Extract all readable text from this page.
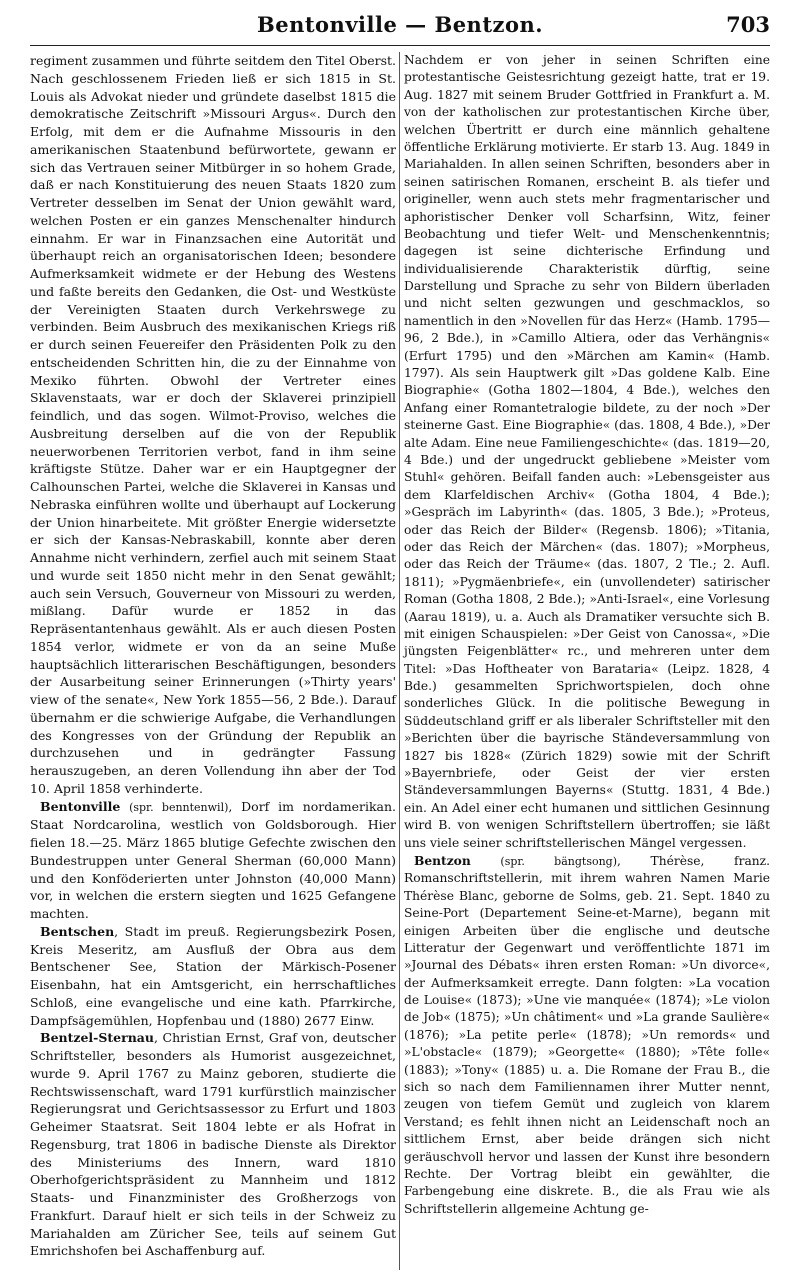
Bentonville — Bentzon.	703

regiment zusammen und führte seitdem den Titel Oberst. Nach geschlossenem Frieden ließ er sich 1815 in St. Louis als Advokat nieder und gründete daselbst 1815 die demokratische Zeitschrift »Missouri Argus«. Durch den Erfolg, mit dem er die Aufnahme Missouris in den amerikanischen Staatenbund befürwortete, gewann er sich das Vertrauen seiner Mitbürger in so hohem Grade, daß er nach Konstituierung des neuen Staats 1820 zum Vertreter desselben im Senat der Union gewählt ward, welchen Posten er ein ganzes Menschenalter hindurch einnahm. Er war in Finanzsachen eine Autorität und überhaupt reich an organisatorischen Ideen; besondere Aufmerksamkeit widmete er der Hebung des Westens und faßte bereits den Gedanken, die Ost- und Westküste der Vereinigten Staaten durch Verkehrswege zu verbinden. Beim Ausbruch des mexikanischen Kriegs riß er durch seinen Feuereifer den Präsidenten Polk zu den entscheidenden Schritten hin, die zu der Einnahme von Mexiko führten. Obwohl der Vertreter eines Sklavenstaats, war er doch der Sklaverei prinzipiell feindlich, und das sogen. Wilmot-Proviso, welches die Ausbreitung derselben auf die von der Republik neuerworbenen Territorien verbot, fand in ihm seine kräftigste Stütze. Daher war er ein Hauptgegner der Calhounschen Partei, welche die Sklaverei in Kansas und Nebraska einführen wollte und überhaupt auf Lockerung der Union hinarbeitete. Mit größter Energie widersetzte er sich der Kansas-Nebraskabill, konnte aber deren Annahme nicht verhindern, zerfiel auch mit seinem Staat und wurde seit 1850 nicht mehr in den Senat gewählt; auch sein Versuch, Gouverneur von Missouri zu werden, mißlang. Dafür wurde er 1852 in das Repräsentantenhaus gewählt. Als er auch diesen Posten 1854 verlor, widmete er von da an seine Muße hauptsächlich litterarischen Beschäftigungen, besonders der Ausarbeitung seiner Erinnerungen (»Thirty years' view of the senate«, New York 1855—56, 2 Bde.). Darauf übernahm er die schwierige Aufgabe, die Verhandlungen des Kongresses von der Gründung der Republik an durchzusehen und in gedrängter Fassung herauszugeben, an deren Vollendung ihn aber der Tod 10. April 1858 verhinderte.

Bentonville (spr. benntenwil), Dorf im nordamerikan. Staat Nordcarolina, westlich von Goldsborough. Hier fielen 18.—25. März 1865 blutige Gefechte zwischen den Bundestruppen unter General Sherman (60,000 Mann) und den Konföderierten unter Johnston (40,000 Mann) vor, in welchen die erstern siegten und 1625 Gefangene machten.

Bentschen, Stadt im preuß. Regierungsbezirk Posen, Kreis Meseritz, am Ausfluß der Obra aus dem Bentschener See, Station der Märkisch-Posener Eisenbahn, hat ein Amtsgericht, ein herrschaftliches Schloß, eine evangelische und eine kath. Pfarrkirche, Dampfsägemühlen, Hopfenbau und (1880) 2677 Einw.

Bentzel-Sternau, Christian Ernst, Graf von, deutscher Schriftsteller, besonders als Humorist ausgezeichnet, wurde 9. April 1767 zu Mainz geboren, studierte die Rechtswissenschaft, ward 1791 kurfürstlich mainzischer Regierungsrat und Gerichtsassessor zu Erfurt und 1803 Geheimer Staatsrat. Seit 1804 lebte er als Hofrat in Regensburg, trat 1806 in badische Dienste als Direktor des Ministeriums des Innern, ward 1810 Oberhofgerichtspräsident zu Mannheim und 1812 Staats- und Finanzminister des Großherzogs von Frankfurt. Darauf hielt er sich teils in der Schweiz zu Mariahalden am Züricher See, teils auf seinem Gut Emrichshofen bei Aschaffenburg auf.

Nachdem er von jeher in seinen Schriften eine protestantische Geistesrichtung gezeigt hatte, trat er 19. Aug. 1827 mit seinem Bruder Gottfried in Frankfurt a. M. von der katholischen zur protestantischen Kirche über, welchen Übertritt er durch eine männlich gehaltene öffentliche Erklärung motivierte. Er starb 13. Aug. 1849 in Mariahalden. In allen seinen Schriften, besonders aber in seinen satirischen Romanen, erscheint B. als tiefer und origineller, wenn auch stets mehr fragmentarischer und aphoristischer Denker voll Scharfsinn, Witz, feiner Beobachtung und tiefer Welt- und Menschenkenntnis; dagegen ist seine dichterische Erfindung und individualisierende Charakteristik dürftig, seine Darstellung und Sprache zu sehr von Bildern überladen und nicht selten gezwungen und geschmacklos, so namentlich in den »Novellen für das Herz« (Hamb. 1795—96, 2 Bde.), in »Camillo Altiera, oder das Verhängnis« (Erfurt 1795) und den »Märchen am Kamin« (Hamb. 1797). Als sein Hauptwerk gilt »Das goldene Kalb. Eine Biographie« (Gotha 1802—1804, 4 Bde.), welches den Anfang einer Romantetralogie bildete, zu der noch »Der steinerne Gast. Eine Biographie« (das. 1808, 4 Bde.), »Der alte Adam. Eine neue Familiengeschichte« (das. 1819—20, 4 Bde.) und der ungedruckt gebliebene »Meister vom Stuhl« gehören. Beifall fanden auch: »Lebensgeister aus dem Klarfeldischen Archiv« (Gotha 1804, 4 Bde.); »Gespräch im Labyrinth« (das. 1805, 3 Bde.); »Proteus, oder das Reich der Bilder« (Regensb. 1806); »Titania, oder das Reich der Märchen« (das. 1807); »Morpheus, oder das Reich der Träume« (das. 1807, 2 Tle.; 2. Aufl. 1811); »Pygmäenbriefe«, ein (unvollendeter) satirischer Roman (Gotha 1808, 2 Bde.); »Anti-Israel«, eine Vorlesung (Aarau 1819), u. a. Auch als Dramatiker versuchte sich B. mit einigen Schauspielen: »Der Geist von Canossa«, »Die jüngsten Feigenblätter« rc., und mehreren unter dem Titel: »Das Hoftheater von Barataria« (Leipz. 1828, 4 Bde.) gesammelten Sprichwortspielen, doch ohne sonderliches Glück. In die politische Bewegung in Süddeutschland griff er als liberaler Schriftsteller mit den »Berichten über die bayrische Ständeversammlung von 1827 bis 1828« (Zürich 1829) sowie mit der Schrift »Bayernbriefe, oder Geist der vier ersten Ständeversammlungen Bayerns« (Stuttg. 1831, 4 Bde.) ein. An Adel einer echt humanen und sittlichen Gesinnung wird B. von wenigen Schriftstellern übertroffen; sie läßt uns viele seiner schriftstellerischen Mängel vergessen.

Bentzon	(spr. bängtsong), Thérèse, franz. Romanschriftstellerin, mit ihrem wahren Namen Marie Thérèse Blanc, geborne de Solms, geb. 21. Sept. 1840 zu Seine-Port (Departement Seine-et-Marne), begann mit einigen Arbeiten über die englische und deutsche Litteratur der Gegenwart und veröffentlichte 1871 im »Journal des Débats« ihren ersten Roman: »Un divorce«, der Aufmerksamkeit erregte. Dann folgten: »La vocation de Louise« (1873); »Une vie manquée« (1874); »Le violon de Job« (1875); »Un châtiment« und »La grande Saulière« (1876); »La petite perle« (1878); »Un remords« und »L'obstacle« (1879); »Georgette« (1880); »Tête folle« (1883); »Tony« (1885) u. a. Die Romane der Frau B., die sich so nach dem Familiennamen ihrer Mutter nennt, zeugen von tiefem Gemüt und zugleich von klarem Verstand; es fehlt ihnen nicht an Leidenschaft noch an sittlichem Ernst, aber beide drängen sich nicht geräuschvoll hervor und lassen der Kunst ihre besondern Rechte. Der Vortrag bleibt ein gewählter, die Farbengebung eine diskrete. B., die als Frau wie als Schriftstellerin allgemeine Achtung ge-
